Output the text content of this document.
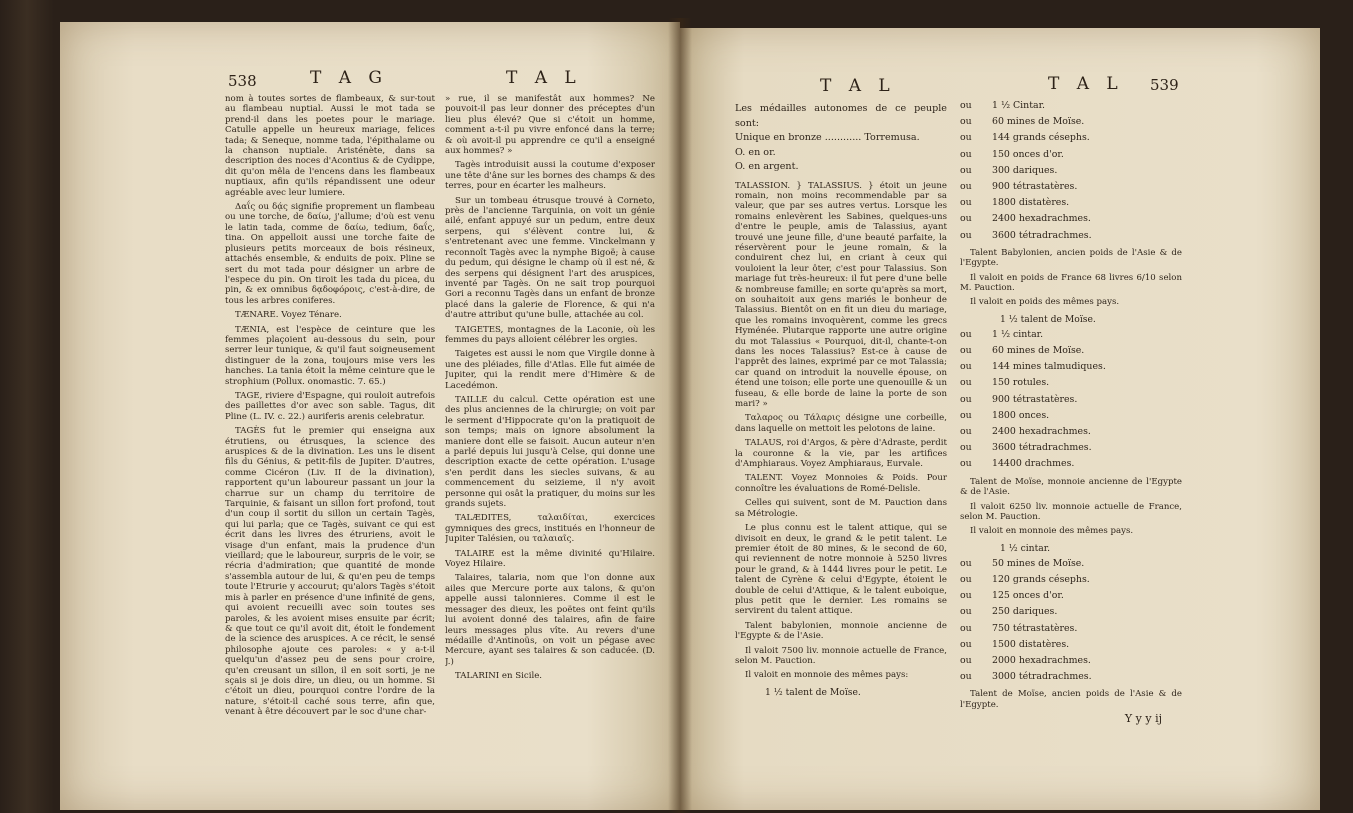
538	T A G	T A L

nom à toutes sortes de flambeaux, & sur-tout au flambeau nuptial. Aussi le mot tada se prend-il dans les poetes pour le mariage. Catulle appelle un heureux mariage, felices tada; & Seneque, nomme tada, l'épithalame ou la chanson nuptiale. Aristénète, dans sa description des noces d'Acontius & de Cydippe, dit qu'on mêla de l'encens dans les flambeaux nuptiaux, afin qu'ils répandissent une odeur agréable avec leur lumiere.

Δαΐς ou δᾴς signifie proprement un flambeau ou une torche, de δαίω, j'allume; d'où est venu le latin tada, comme de δαίω, tedium, δαΐς, tina. On appelloit aussi une torche faite de plusieurs petits morceaux de bois résineux, attachés ensemble, & enduits de poix. Pline se sert du mot tada pour désigner un arbre de l'espece du pin. On tiroit les tada du picea, du pin, & ex omnibus δᾳδοφόροις, c'est-à-dire, de tous les arbres coniferes.

TÆNARE. Voyez Ténare.

TÆNIA, est l'espèce de ceinture que les femmes plaçoient au-dessous du sein, pour serrer leur tunique, & qu'il faut soigneusement distinguer de la zona, toujours mise vers les hanches. La tania étoit la même ceinture que le strophium (Pollux. onomastic. 7. 65.)

TAGE, riviere d'Espagne, qui rouloit autrefois des paillettes d'or avec son sable. Tagus, dit Pline (L. IV. c. 22.) auriferis arenis celebratur.

TAGÈS fut le premier qui enseigna aux étrutiens, ou étrusques, la science des aruspices & de la divination. Les uns le disent fils du Génius, & petit-fils de Jupiter. D'autres, comme Cicéron (Liv. II de la divination), rapportent qu'un laboureur passant un jour la charrue sur un champ du territoire de Tarquinie, & faisant un sillon fort profond, tout d'un coup il sortit du sillon un certain Tagès, qui lui parla; que ce Tagès, suivant ce qui est écrit dans les livres des étruriens, avoit le visage d'un enfant, mais la prudence d'un vieillard; que le laboureur, surpris de le voir, se récria d'admiration; que quantité de monde s'assembla autour de lui, & qu'en peu de temps toute l'Etrurie y accourut; qu'alors Tagès s'étoit mis à parler en présence d'une infinité de gens, qui avoient recueilli avec soin toutes ses paroles, & les avoient mises ensuite par écrit; & que tout ce qu'il avoit dit, étoit le fondement de la science des aruspices. A ce récit, le sensé philosophe ajoute ces paroles: « y a-t-il quelqu'un d'assez peu de sens pour croire, qu'en creusant un sillon, il en soit sorti, je ne sçais si je dois dire, un dieu, ou un homme. Si c'étoit un dieu, pourquoi contre l'ordre de la nature, s'étoit-il caché sous terre, afin que, venant à être découvert par le soc d'une char-

» rue, il se manifestât aux hommes? Ne pouvoit-il pas leur donner des préceptes d'un lieu plus élevé? Que si c'étoit un homme, comment a-t-il pu vivre enfoncé dans la terre; & où avoit-il pu apprendre ce qu'il a enseigné aux hommes? »

Tagès introduisit aussi la coutume d'exposer une tête d'âne sur les bornes des champs & des terres, pour en écarter les malheurs.

Sur un tombeau étrusque trouvé à Corneto, près de l'ancienne Tarquinia, on voit un génie ailé, enfant appuyé sur un pedum, entre deux serpens, qui s'élèvent contre lui, & s'entretenant avec une femme. Vinckelmann y reconnoît Tagès avec la nymphe Bigoë; à cause du pedum, qui désigne le champ où il est né, & des serpens qui désignent l'art des aruspices, inventé par Tagès. On ne sait trop pourquoi Gori a reconnu Tagès dans un enfant de bronze placé dans la galerie de Florence, & qui n'a d'autre attribut qu'une bulle, attachée au col.

TAIGETES, montagnes de la Laconie, où les femmes du pays alloient célébrer les orgies.

Taigetes est aussi le nom que Virgile donne à une des pléiades, fille d'Atlas. Elle fut aimée de Jupiter, qui la rendit mere d'Himère & de Lacedémon.

TAILLE du calcul. Cette opération est une des plus anciennes de la chirurgie; on voit par le serment d'Hippocrate qu'on la pratiquoit de son temps; mais on ignore absolument la maniere dont elle se faisoit. Aucun auteur n'en a parlé depuis lui jusqu'à Celse, qui donne une description exacte de cette opération. L'usage s'en perdit dans les siecles suivans, & au commencement du seizieme, il n'y avoit personne qui osât la pratiquer, du moins sur les grands sujets.

TALÆDITES, ταλαιδίται, exercices gymniques des grecs, institués en l'honneur de Jupiter Talésien, ou ταλαιαῖς.

TALAIRE est la même divinité qu'Hilaire. Voyez Hilaire.

Talaires, talaria, nom que l'on donne aux ailes que Mercure porte aux talons, & qu'on appelle aussi talonnieres. Comme il est le messager des dieux, les poëtes ont feint qu'ils lui avoient donné des talaires, afin de faire leurs messages plus vîte. Au revers d'une médaille d'Antinoüs, on voit un pégase avec Mercure, ayant ses talaires & son caducée. (D. J.)

TALARINI en Sicile.

T A L	T A L 539
Les médailles autonomes de ce peuple sont:
Unique en bronze ............ Torremusa.
O. en or.
O. en argent.

TALASSION. } TALASSIUS. } étoit un jeune romain, non moins recommendable par sa valeur, que par ses autres vertus. Lorsque les romains enlevèrent les Sabines, quelques-uns d'entre le peuple, amis de Talassius, ayant trouvé une jeune fille, d'une beauté parfaite, la réservèrent pour le jeune romain, & la conduirent chez lui, en criant à ceux qui vouloient la leur ôter, c'est pour Talassius. Son mariage fut très-heureux: il fut pere d'une belle & nombreuse famille; en sorte qu'après sa mort, on souhaitoit aux gens mariés le bonheur de Talassius. Bientôt on en fit un dieu du mariage, que les romains invoquèrent, comme les grecs Hyménée. Plutarque rapporte une autre origine du mot Talassius « Pourquoi, dit-il, chante-t-on dans les noces Talassius? Est-ce à cause de l'apprêt des laines, exprimé par ce mot Talassia; car quand on introduit la nouvelle épouse, on étend une toison; elle porte une quenouille & un fuseau, & elle borde de laine la porte de son mari? »

Ταλαρος ou Τάλαρις désigne une corbeille, dans laquelle on mettoit les pelotons de laine.

TALAUS, roi d'Argos, & père d'Adraste, perdit la couronne & la vie, par les artifices d'Amphiaraus. Voyez Amphiaraus, Eurvale.

TALENT. Voyez Monnoies & Poids. Pour connoître les évaluations de Romé-Delisle.

Celles qui suivent, sont de M. Pauction dans sa Métrologie.

Le plus connu est le talent attique, qui se divisoit en deux, le grand & le petit talent. Le premier étoit de 80 mines, & le second de 60, qui reviennent de notre monnoie à 5250 livres pour le grand, & à 1444 livres pour le petit. Le talent de Cyrène & celui d'Egypte, étoient le double de celui d'Attique, & le talent euboique, plus petit que le dernier. Les romains se servirent du talent attique.

Talent babylonien, monnoie ancienne de l'Egypte & de l'Asie.

Il valoit 7500 liv. monnoie actuelle de France, selon M. Pauction.

Il valoit en monnoie des mêmes pays:

1 ½ talent de Moïse.
ou	1 ½ Cintar.
ou	60 mines de Moïse.
ou	144 grands césephs.
ou	150 onces d'or.
ou	300 dariques.
ou	900 tétrastatères.
ou	1800 distatères.
ou	2400 hexadrachmes.
ou	3600 tétradrachmes.

Talent Babylonien, ancien poids de l'Asie & de l'Egypte.

Il valoit en poids de France 68 livres 6/10 selon M. Pauction.

Il valoit en poids des mêmes pays.

1 ½ talent de Moïse.
ou	1 ½ cintar.
ou	60 mines de Moïse.
ou	144 mines talmudiques.
ou	150 rotules.
ou	900 tétrastatères.
ou	1800 onces.
ou	2400 hexadrachmes.
ou	3600 tétradrachmes.
ou	14400 drachmes.

Talent de Moïse, monnoie ancienne de l'Egypte & de l'Asie.

Il valoit 6250 liv. monnoie actuelle de France, selon M. Pauction.

Il valoit en monnoie des mêmes pays.

1 ½ cintar.
ou	50 mines de Moïse.
ou	120 grands césephs.
ou	125 onces d'or.
ou	250 dariques.
ou	750 tétrastatères.
ou	1500 distatères.
ou	2000 hexadrachmes.
ou	3000 tétradrachmes.

Talent de Moïse, ancien poids de l'Asie & de l'Egypte.

Y y y ij
